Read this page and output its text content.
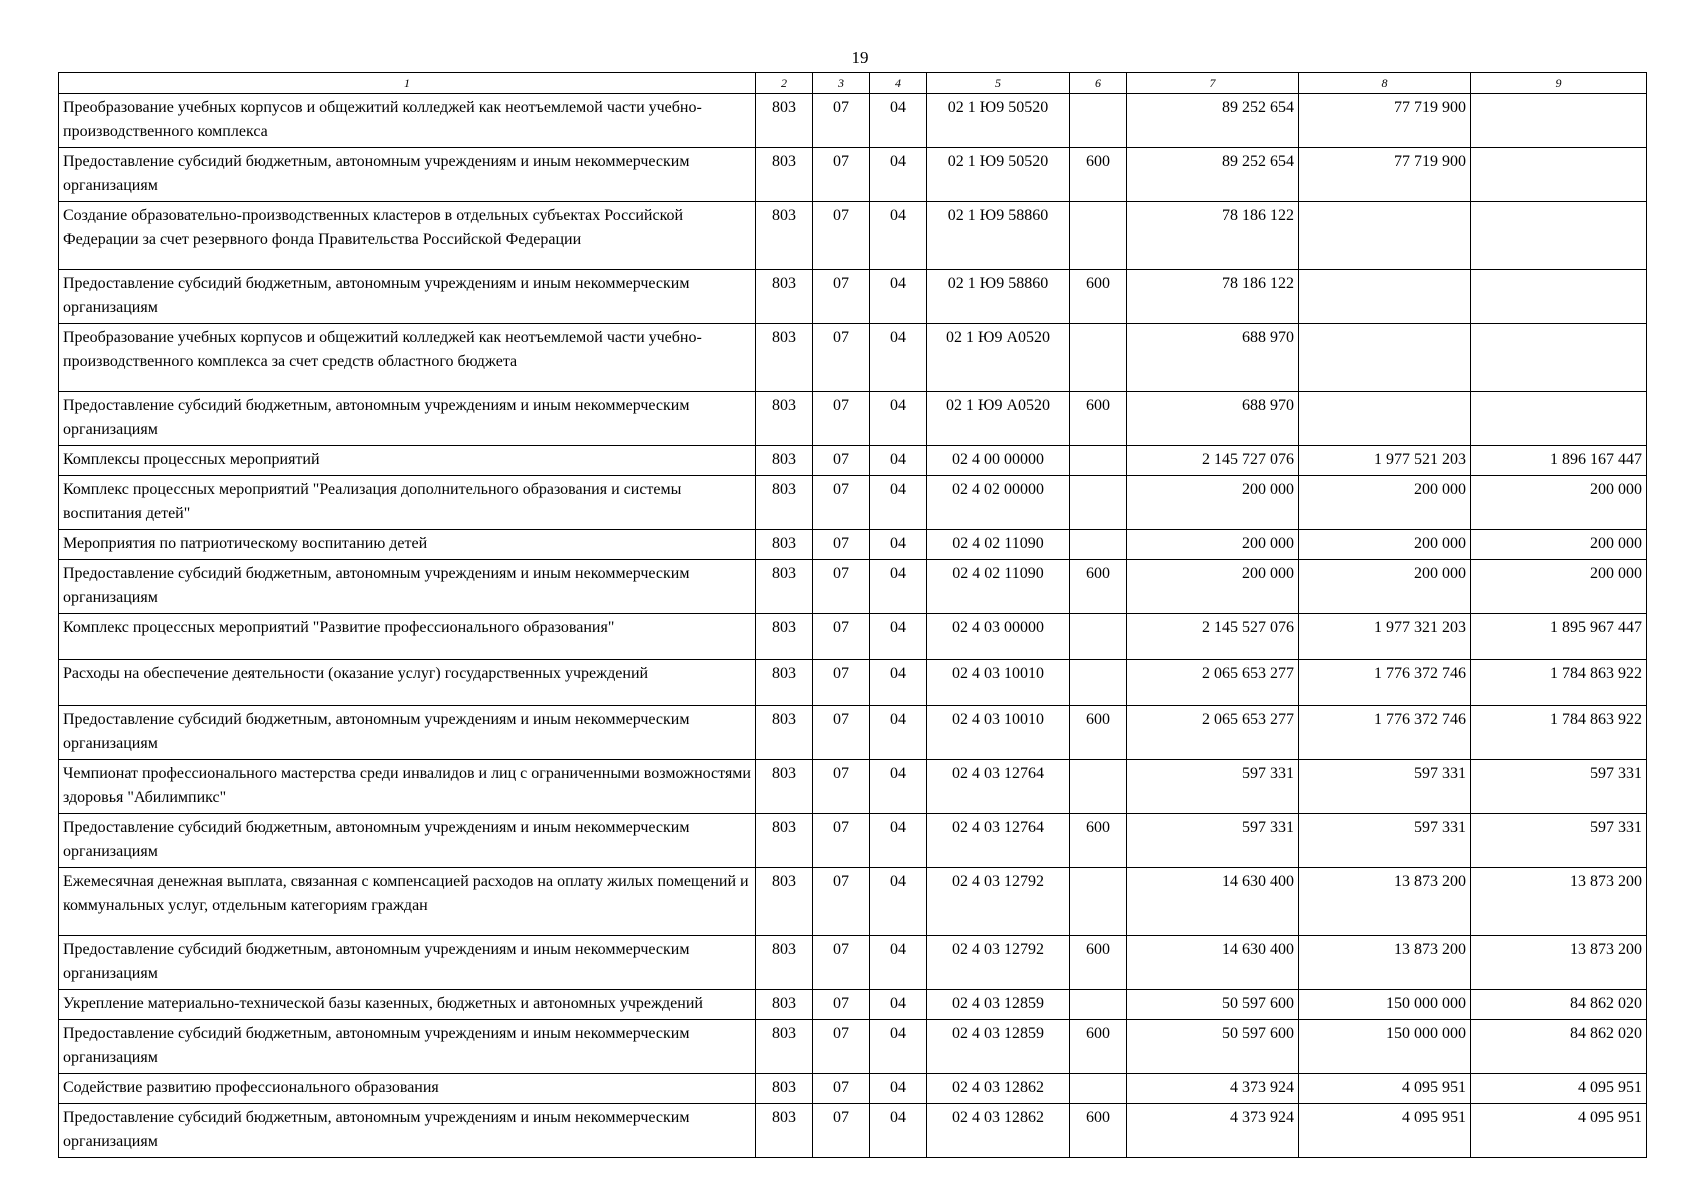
19
1	2	3	4	5	6	7	8	9
Преобразование учебных корпусов и общежитий колледжей как неотъемлемой части учебно-производственного комплекса	803	07	04	02 1 Ю9 50520		89 252 654	77 719 900	
Предоставление субсидий бюджетным, автономным учреждениям и иным некоммерческим организациям	803	07	04	02 1 Ю9 50520	600	89 252 654	77 719 900	
Создание образовательно-производственных кластеров в отдельных субъектах Российской Федерации за счет резервного фонда Правительства Российской Федерации	803	07	04	02 1 Ю9 58860		78 186 122		
Предоставление субсидий бюджетным, автономным учреждениям и иным некоммерческим организациям	803	07	04	02 1 Ю9 58860	600	78 186 122		
Преобразование учебных корпусов и общежитий колледжей как неотъемлемой части учебно-производственного комплекса за счет средств областного бюджета	803	07	04	02 1 Ю9 А0520		688 970		
Предоставление субсидий бюджетным, автономным учреждениям и иным некоммерческим организациям	803	07	04	02 1 Ю9 А0520	600	688 970		
Комплексы процессных мероприятий	803	07	04	02 4 00 00000		2 145 727 076	1 977 521 203	1 896 167 447
Комплекс процессных мероприятий "Реализация дополнительного образования и системы воспитания детей"	803	07	04	02 4 02 00000		200 000	200 000	200 000
Мероприятия по патриотическому воспитанию детей	803	07	04	02 4 02 11090		200 000	200 000	200 000
Предоставление субсидий бюджетным, автономным учреждениям и иным некоммерческим организациям	803	07	04	02 4 02 11090	600	200 000	200 000	200 000
Комплекс процессных мероприятий "Развитие профессионального образования"	803	07	04	02 4 03 00000		2 145 527 076	1 977 321 203	1 895 967 447
Расходы на обеспечение деятельности (оказание услуг) государственных учреждений	803	07	04	02 4 03 10010		2 065 653 277	1 776 372 746	1 784 863 922
Предоставление субсидий бюджетным, автономным учреждениям и иным некоммерческим организациям	803	07	04	02 4 03 10010	600	2 065 653 277	1 776 372 746	1 784 863 922
Чемпионат профессионального мастерства среди инвалидов и лиц с ограниченными возможностями здоровья "Абилимпикс"	803	07	04	02 4 03 12764		597 331	597 331	597 331
Предоставление субсидий бюджетным, автономным учреждениям и иным некоммерческим организациям	803	07	04	02 4 03 12764	600	597 331	597 331	597 331
Ежемесячная денежная выплата, связанная с компенсацией расходов на оплату жилых помещений и коммунальных услуг, отдельным категориям граждан	803	07	04	02 4 03 12792		14 630 400	13 873 200	13 873 200
Предоставление субсидий бюджетным, автономным учреждениям и иным некоммерческим организациям	803	07	04	02 4 03 12792	600	14 630 400	13 873 200	13 873 200
Укрепление материально-технической базы казенных, бюджетных и автономных учреждений	803	07	04	02 4 03 12859		50 597 600	150 000 000	84 862 020
Предоставление субсидий бюджетным, автономным учреждениям и иным некоммерческим организациям	803	07	04	02 4 03 12859	600	50 597 600	150 000 000	84 862 020
Содействие развитию профессионального образования	803	07	04	02 4 03 12862		4 373 924	4 095 951	4 095 951
Предоставление субсидий бюджетным, автономным учреждениям и иным некоммерческим организациям	803	07	04	02 4 03 12862	600	4 373 924	4 095 951	4 095 951
